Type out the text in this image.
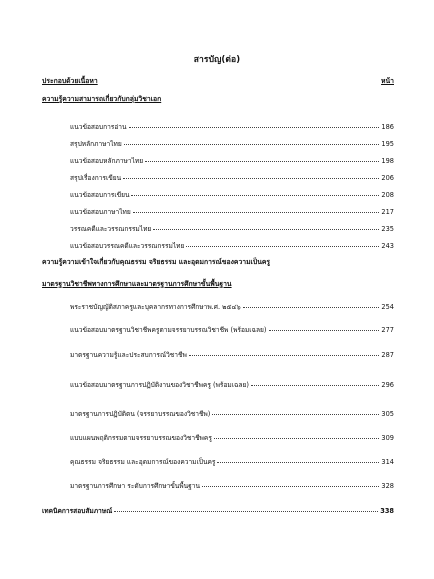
สารบัญ(ต่อ)
ประกอบด้วยเนื้อหา	หน้า
ความรู้ความสามารถเกี่ยวกับกลุ่มวิชาเอก
แนวข้อสอบการอ่าน	186
สรุปหลักภาษาไทย	195
แนวข้อสอบหลักภาษาไทย	198
สรุปเรื่องการเขียน	206
แนวข้อสอบการเขียน	208
แนวข้อสอบภาษาไทย	217
วรรณคดีและวรรณกรรมไทย	235
แนวข้อสอบวรรณคดีและวรรณกรรมไทย	243
ความรู้ความเข้าใจเกี่ยวกับคุณธรรม จริยธรรม และอุดมการณ์ของความเป็นครู
มาตรฐานวิชาชีพทางการศึกษาและมาตรฐานการศึกษาขั้นพื้นฐาน
พระราชบัญญัติสภาครูและบุคลากรทางการศึกษาพ.ศ. ๒๕๔๖	254
แนวข้อสอบมาตรฐานวิชาชีพครูตามจรรยาบรรณวิชาชีพ (พร้อมเฉลย)	277
มาตรฐานความรู้และประสบการณ์วิชาชีพ	287
แนวข้อสอบมาตรฐานการปฏิบัติงานของวิชาชีพครู (พร้อมเฉลย)	296
มาตรฐานการปฏิบัติตน (จรรยาบรรณของวิชาชีพ)	305
แบบแผนพฤติกรรมตามจรรยาบรรณของวิชาชีพครู	309
คุณธรรม จริยธรรม และอุดมการณ์ของความเป็นครู	314
มาตรฐานการศึกษา ระดับการศึกษาขั้นพื้นฐาน	328
เทคนิคการสอบสัมภาษณ์	338
